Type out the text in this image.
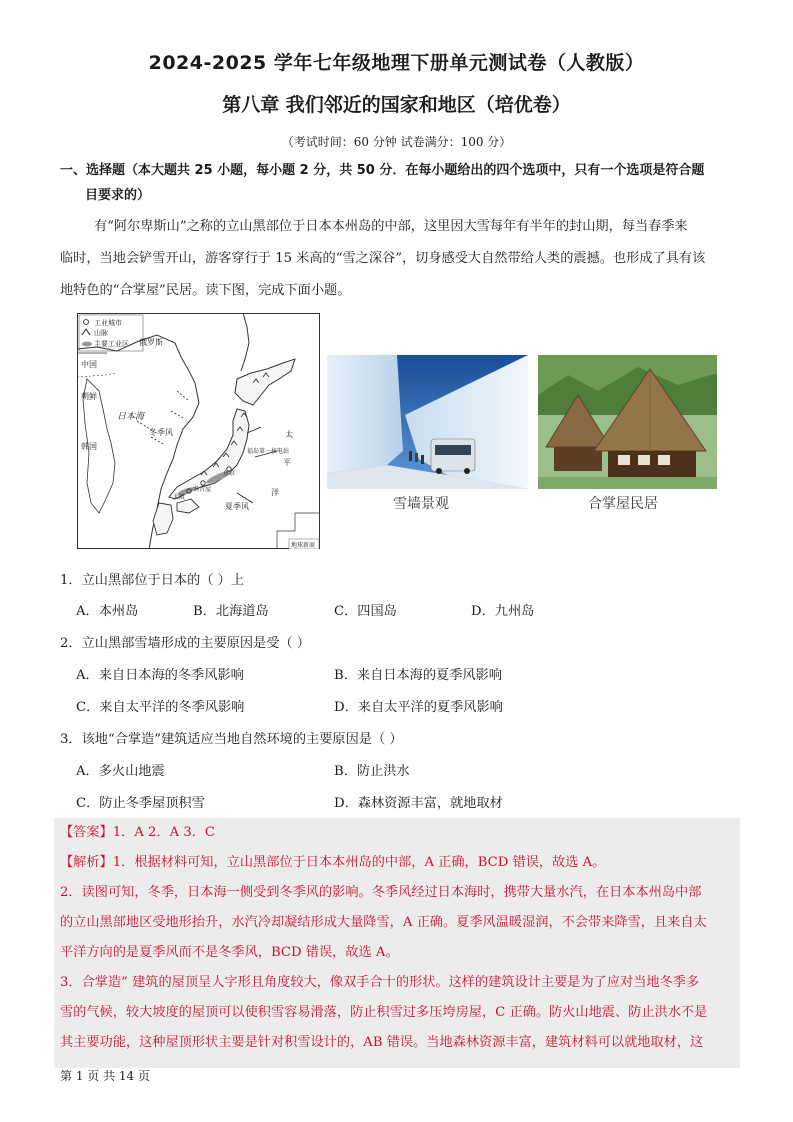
2024-2025 学年七年级地理下册单元测试卷（人教版）
第八章 我们邻近的国家和地区（培优卷）
（考试时间：60 分钟 试卷满分：100 分）
一、选择题（本大题共 25 小题，每小题 2 分，共 50 分．在每小题给出的四个选项中，只有一个选项是符合题
目要求的）
有“阿尔卑斯山”之称的立山黑部位于日本本州岛的中部，这里因大雪每年有半年的封山期，每当春季来
临时，当地会铲雪开山，游客穿行于 15 米高的“雪之深谷”，切身感受大自然带给人类的震撼。也形成了具有该
地特色的“合掌屋”民居。读下图，完成下面小题。
工业城市
山脉
主要工业区 俄罗斯
中国
朝鲜
韩国
日本海
冬季风
夏季风
太
平
洋
福岛第一核电站
东京
名古屋
大阪
地球新商
雪墙景观	合掌屋民居
1．立山黑部位于日本的（ ）上
A．本州岛	B．北海道岛	C．四国岛	D．九州岛
2．立山黑部雪墙形成的主要原因是受（ ）
A．来自日本海的冬季风影响	B．来自日本海的夏季风影响
C．来自太平洋的冬季风影响	D．来自太平洋的夏季风影响
3．该地“合掌造”建筑适应当地自然环境的主要原因是（ ）
A．多火山地震	B．防止洪水
C．防止冬季屋顶积雪	D．森林资源丰富，就地取材
【答案】1．A 2．A 3．C
【解析】1．根据材料可知，立山黑部位于日本本州岛的中部，A 正确，BCD 错误，故选 A。
2．读图可知，冬季，日本海一侧受到冬季风的影响。冬季风经过日本海时，携带大量水汽，在日本本州岛中部
的立山黑部地区受地形抬升，水汽冷却凝结形成大量降雪，A 正确。夏季风温暖湿润，不会带来降雪，且来自太
平洋方向的是夏季风而不是冬季风，BCD 错误，故选 A。
3．合掌造” 建筑的屋顶呈人字形且角度较大，像双手合十的形状。这样的建筑设计主要是为了应对当地冬季多
雪的气候，较大坡度的屋顶可以使积雪容易滑落，防止积雪过多压垮房屋，C 正确。防火山地震、防止洪水不是
其主要功能，这种屋顶形状主要是针对积雪设计的，AB 错误。当地森林资源丰富，建筑材料可以就地取材，这
第 1 页 共 14 页
